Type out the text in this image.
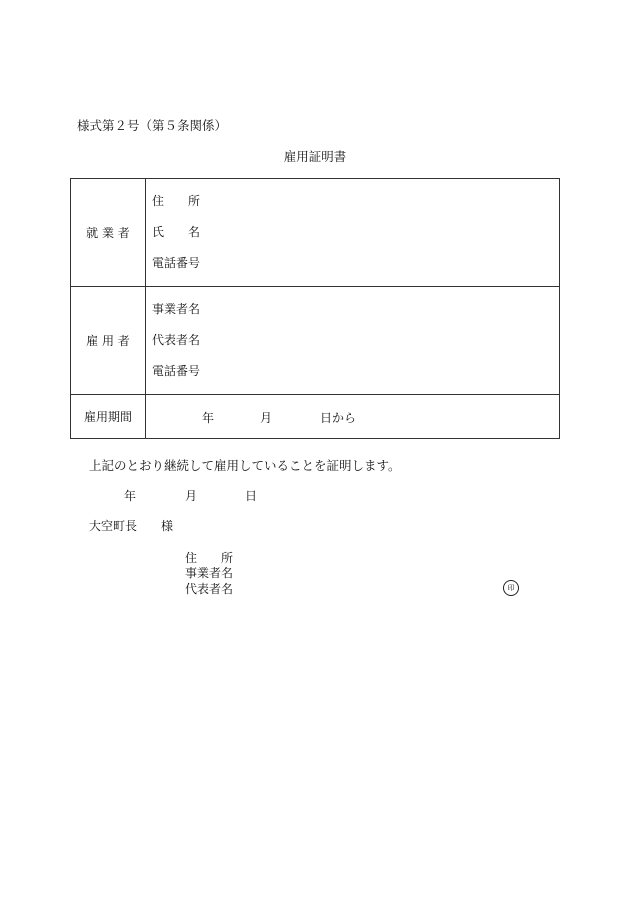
様式第２号（第５条関係）
雇用証明書
就 業 者	住　　所
氏　　名
電話番号

雇 用 者	事業者名
代表者名
電話番号

雇用期間	年 月 日から
上記のとおり継続して雇用していることを証明します。
年	月	日
大空町長　　様
住　　所
事業者名
代表者名	印
